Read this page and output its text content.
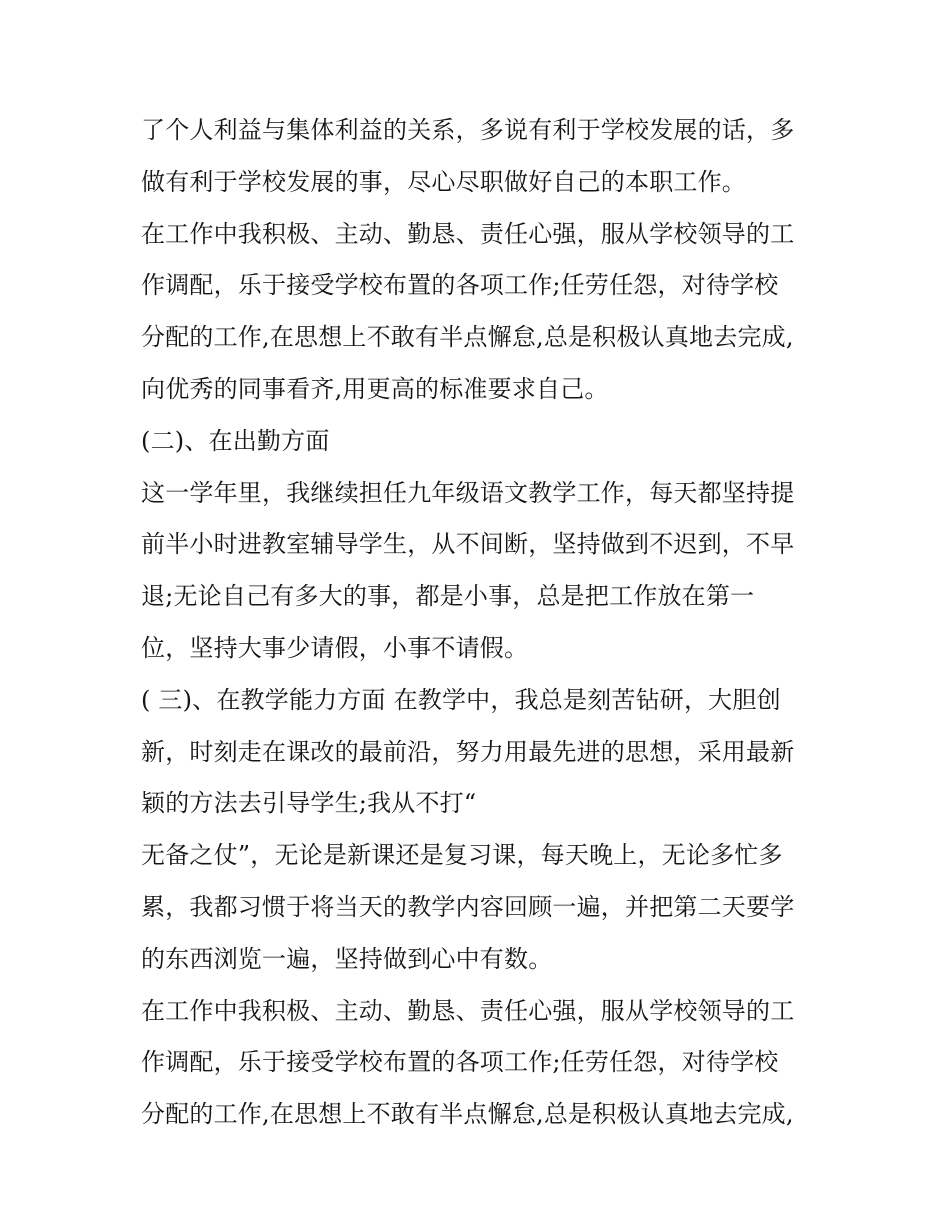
了个人利益与集体利益的关系，多说有利于学校发展的话，多
做有利于学校发展的事，尽心尽职做好自己的本职工作。
在工作中我积极、主动、勤恳、责任心强，服从学校领导的工
作调配，乐于接受学校布置的各项工作;任劳任怨，对待学校
分配的工作,在思想上不敢有半点懈怠,总是积极认真地去完成,
向优秀的同事看齐,用更高的标准要求自己。
(二)、在出勤方面
这一学年里，我继续担任九年级语文教学工作，每天都坚持提
前半小时进教室辅导学生，从不间断，坚持做到不迟到，不早
退;无论自己有多大的事，都是小事，总是把工作放在第一
位，坚持大事少请假，小事不请假。
( 三)、在教学能力方面 在教学中，我总是刻苦钻研，大胆创
新，时刻走在课改的最前沿，努力用最先进的思想，采用最新
颖的方法去引导学生;我从不打“
无备之仗”，无论是新课还是复习课，每天晚上，无论多忙多
累，我都习惯于将当天的教学内容回顾一遍，并把第二天要学
的东西浏览一遍，坚持做到心中有数。
在工作中我积极、主动、勤恳、责任心强，服从学校领导的工
作调配，乐于接受学校布置的各项工作;任劳任怨，对待学校
分配的工作,在思想上不敢有半点懈怠,总是积极认真地去完成,
